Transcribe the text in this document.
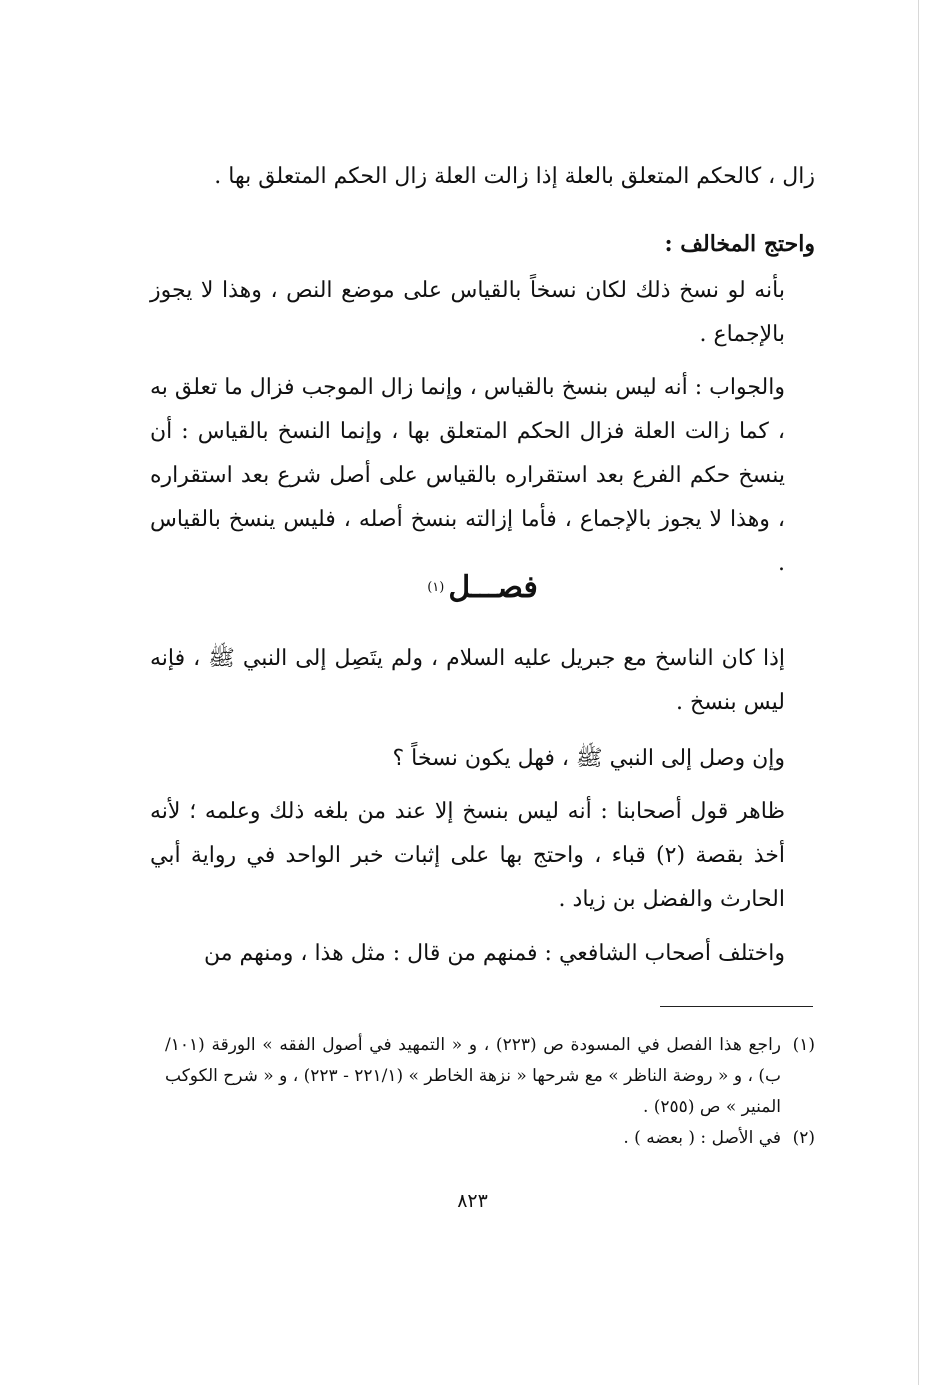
زال ، كالحكم المتعلق بالعلة إذا زالت العلة زال الحكم المتعلق بها .
واحتج المخالف :
بأنه لو نسخ ذلك لكان نسخاً بالقياس على موضع النص ، وهذا لا يجوز بالإجماع .
والجواب : أنه ليس بنسخ بالقياس ، وإنما زال الموجب فزال ما تعلق به ، كما زالت العلة فزال الحكم المتعلق بها ، وإنما النسخ بالقياس : أن ينسخ حكم الفرع بعد استقراره بالقياس على أصل شرع بعد استقراره ، وهذا لا يجوز بالإجماع ، فأما إزالته بنسخ أصله ، فليس ينسخ بالقياس .
فصـــل$^{(١)}$
إذا كان الناسخ مع جبريل عليه السلام ، ولم يتَصِل إلى النبي ﷺ ، فإنه ليس بنسخ .
وإن وصل إلى النبي ﷺ ، فهل يكون نسخاً ؟
ظاهر قول أصحابنا : أنه ليس بنسخ إلا عند من بلغه ذلك وعلمه ؛ لأنه أخذ بقصة (٢) قباء ، واحتج بها على إثبات خبر الواحد في رواية أبي الحارث والفضل بن زياد .
واختلف أصحاب الشافعي : فمنهم من قال : مثل هذا ، ومنهم من
(١)
راجع هذا الفصل في المسودة ص (٢٢٣) ، و « التمهيد في أصول الفقه » الورقة (١٠١/ب) ، و « روضة الناظر » مع شرحها « نزهة الخاطر » (٢٢١/١ - ٢٢٣) ، و « شرح الكوكب المنير » ص (٢٥٥) .
(٢)
في الأصل : ( بعضه ) .
٨٢٣
